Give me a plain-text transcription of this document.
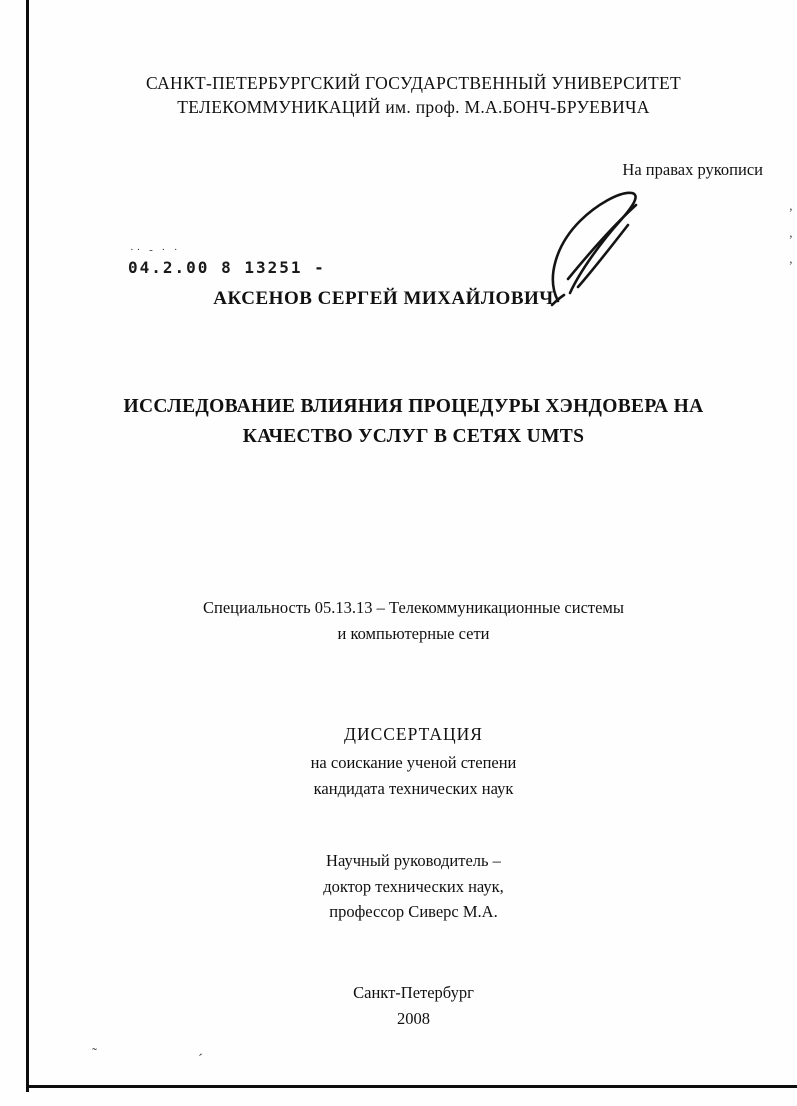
САНКТ-ПЕТЕРБУРГСКИЙ ГОСУДАРСТВЕННЫЙ УНИВЕРСИТЕТ
ТЕЛЕКОММУНИКАЦИЙ им. проф. М.А.БОНЧ-БРУЕВИЧА
На правах рукописи
·· - · ·
04.2.00 8 13251 -
АКСЕНОВ СЕРГЕЙ МИХАЙЛОВИЧ
ИССЛЕДОВАНИЕ ВЛИЯНИЯ ПРОЦЕДУРЫ ХЭНДОВЕРА НА
КАЧЕСТВО УСЛУГ В СЕТЯХ UMTS
Специальность 05.13.13 – Телекоммуникационные системы
и компьютерные сети
ДИССЕРТАЦИЯ
на соискание ученой степени
кандидата технических наук
Научный руководитель –
доктор технических наук,
профессор Сиверс М.А.
Санкт-Петербург
2008
’
’
’
˜	´
